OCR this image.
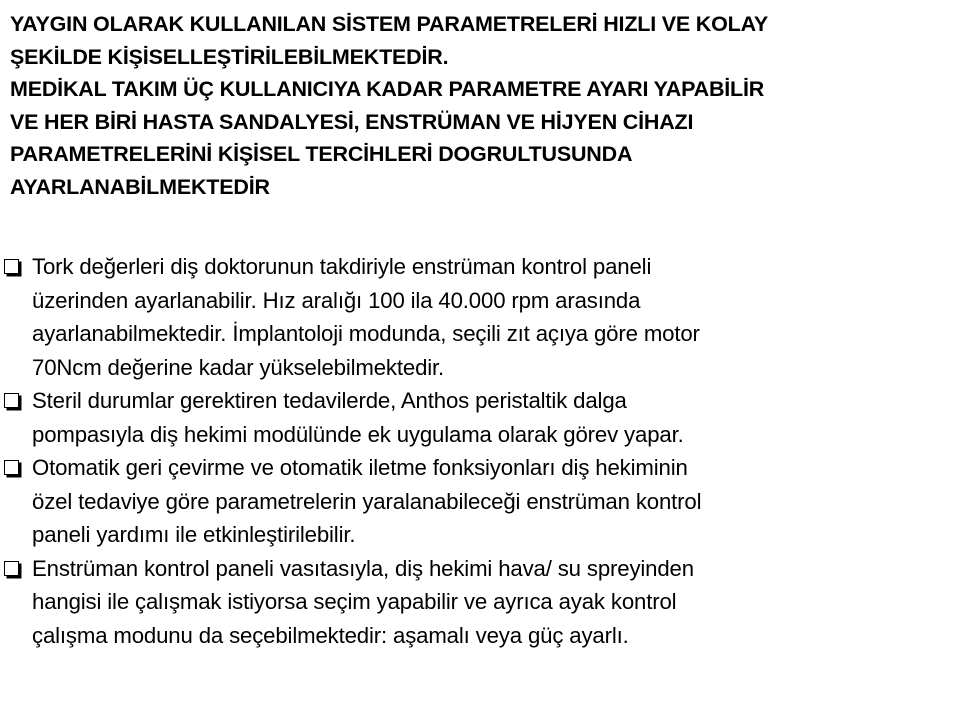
YAYGIN OLARAK KULLANILAN SİSTEM PARAMETRELERİ HIZLI VE KOLAY
ŞEKİLDE KİŞİSELLEŞTİRİLEBİLMEKTEDİR.
MEDİKAL TAKIM ÜÇ KULLANICIYA KADAR PARAMETRE AYARI YAPABİLİR
VE HER BİRİ HASTA SANDALYESİ, ENSTRÜMAN VE HİJYEN CİHAZI
PARAMETRELERİNİ KİŞİSEL TERCİHLERİ DOGRULTUSUNDA
AYARLANABİLMEKTEDİR
Tork değerleri diş doktorunun takdiriyle enstrüman kontrol paneli
üzerinden ayarlanabilir. Hız aralığı 100 ila 40.000 rpm arasında
ayarlanabilmektedir. İmplantoloji modunda, seçili zıt açıya göre motor
70Ncm değerine kadar yükselebilmektedir.
Steril durumlar gerektiren tedavilerde, Anthos peristaltik dalga
pompasıyla diş hekimi modülünde ek uygulama olarak görev yapar.
Otomatik geri çevirme ve otomatik iletme fonksiyonları diş hekiminin
özel tedaviye göre parametrelerin yaralanabileceği enstrüman kontrol
paneli yardımı ile etkinleştirilebilir.
Enstrüman kontrol paneli vasıtasıyla, diş hekimi hava/ su spreyinden
hangisi ile çalışmak istiyorsa seçim yapabilir ve ayrıca ayak kontrol
çalışma modunu da seçebilmektedir: aşamalı veya güç ayarlı.
